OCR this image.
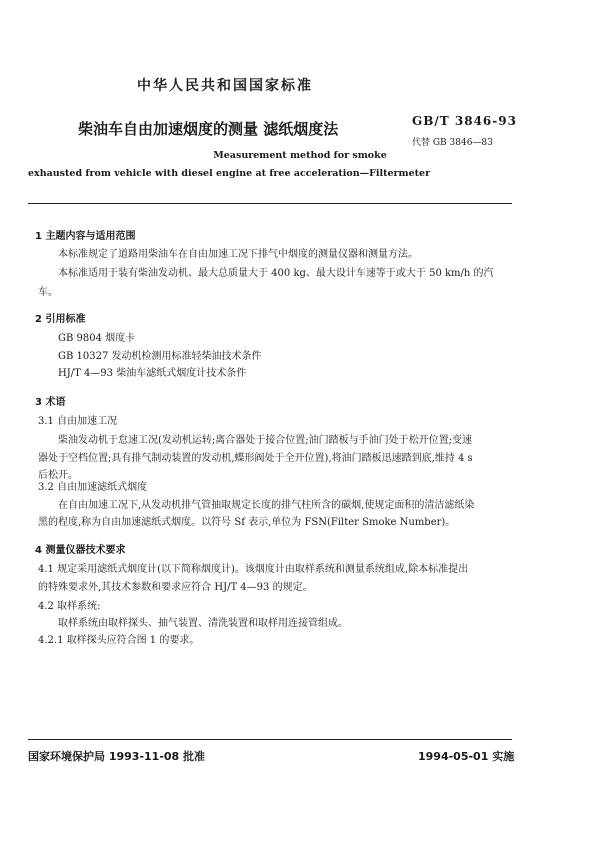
中华人民共和国国家标准
柴油车自由加速烟度的测量 滤纸烟度法	GB/T 3846-93
代替 GB 3846—83
Measurement method for smoke
exhausted from vehicle with diesel engine at free acceleration—Filtermeter
1 主题内容与适用范围
本标准规定了道路用柴油车在自由加速工况下排气中烟度的测量仪器和测量方法。
本标准适用于装有柴油发动机、最大总质量大于 400 kg、最大设计车速等于或大于 50 km/h 的汽
车。
2 引用标准
GB 9804 烟度卡
GB 10327 发动机检测用标准轻柴油技术条件
HJ/T 4—93 柴油车滤纸式烟度计技术条件
3 术语
3.1 自由加速工况
柴油发动机于怠速工况(发动机运转;离合器处于接合位置;油门踏板与手油门处于松开位置;变速
器处于空档位置;具有排气制动装置的发动机,蝶形阀处于全开位置),将油门踏板迅速踏到底,维持 4 s
后松开。
3.2 自由加速滤纸式烟度
在自由加速工况下,从发动机排气管抽取规定长度的排气柱所含的碳烟,使规定面积的清洁滤纸染
黑的程度,称为自由加速滤纸式烟度。以符号 Sf 表示,单位为 FSN(Filter Smoke Number)。
4 测量仪器技术要求
4.1 规定采用滤纸式烟度计(以下简称烟度计)。该烟度计由取样系统和测量系统组成,除本标准提出
的特殊要求外,其技术参数和要求应符合 HJ/T 4—93 的规定。
4.2 取样系统:
取样系统由取样探头、抽气装置、清洗装置和取样用连接管组成。
4.2.1 取样探头应符合图 1 的要求。
国家环境保护局 1993-11-08 批准	1994-05-01 实施
